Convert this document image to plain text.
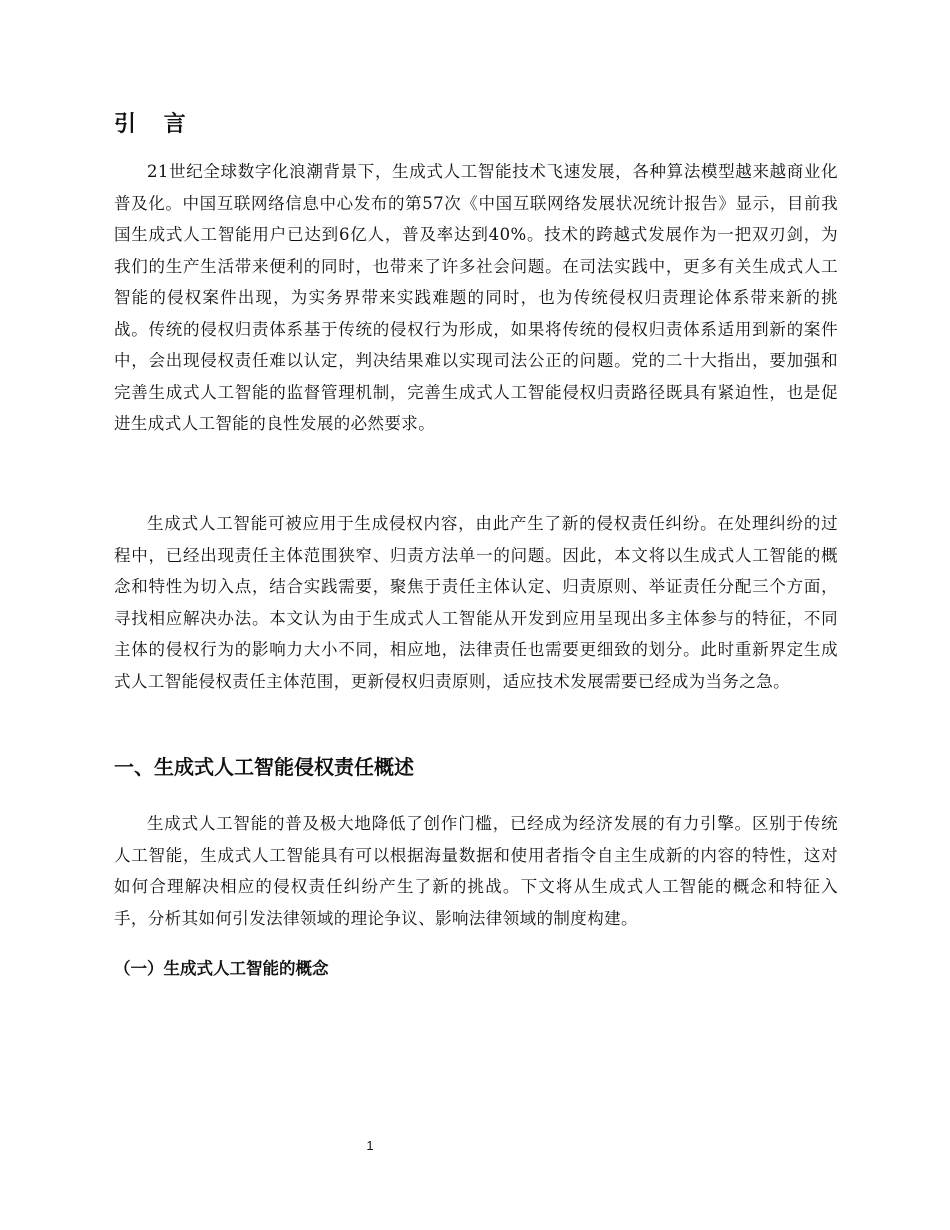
引 言

21世纪全球数字化浪潮背景下，生成式人工智能技术飞速发展，各种算法模型越来越商业化普及化。中国互联网络信息中心发布的第57次《中国互联网络发展状况统计报告》显示，目前我国生成式人工智能用户已达到6亿人，普及率达到40%。技术的跨越式发展作为一把双刃剑，为我们的生产生活带来便利的同时，也带来了许多社会问题。在司法实践中，更多有关生成式人工智能的侵权案件出现，为实务界带来实践难题的同时，也为传统侵权归责理论体系带来新的挑战。传统的侵权归责体系基于传统的侵权行为形成，如果将传统的侵权归责体系适用到新的案件中，会出现侵权责任难以认定，判决结果难以实现司法公正的问题。党的二十大指出，要加强和完善生成式人工智能的监督管理机制，完善生成式人工智能侵权归责路径既具有紧迫性，也是促进生成式人工智能的良性发展的必然要求。

生成式人工智能可被应用于生成侵权内容，由此产生了新的侵权责任纠纷。在处理纠纷的过程中，已经出现责任主体范围狭窄、归责方法单一的问题。因此，本文将以生成式人工智能的概念和特性为切入点，结合实践需要，聚焦于责任主体认定、归责原则、举证责任分配三个方面，寻找相应解决办法。本文认为由于生成式人工智能从开发到应用呈现出多主体参与的特征，不同主体的侵权行为的影响力大小不同，相应地，法律责任也需要更细致的划分。此时重新界定生成式人工智能侵权责任主体范围，更新侵权归责原则，适应技术发展需要已经成为当务之急。

一、生成式人工智能侵权责任概述

生成式人工智能的普及极大地降低了创作门槛，已经成为经济发展的有力引擎。区别于传统人工智能，生成式人工智能具有可以根据海量数据和使用者指令自主生成新的内容的特性，这对如何合理解决相应的侵权责任纠纷产生了新的挑战。下文将从生成式人工智能的概念和特征入手，分析其如何引发法律领域的理论争议、影响法律领域的制度构建。

（一）生成式人工智能的概念
1
